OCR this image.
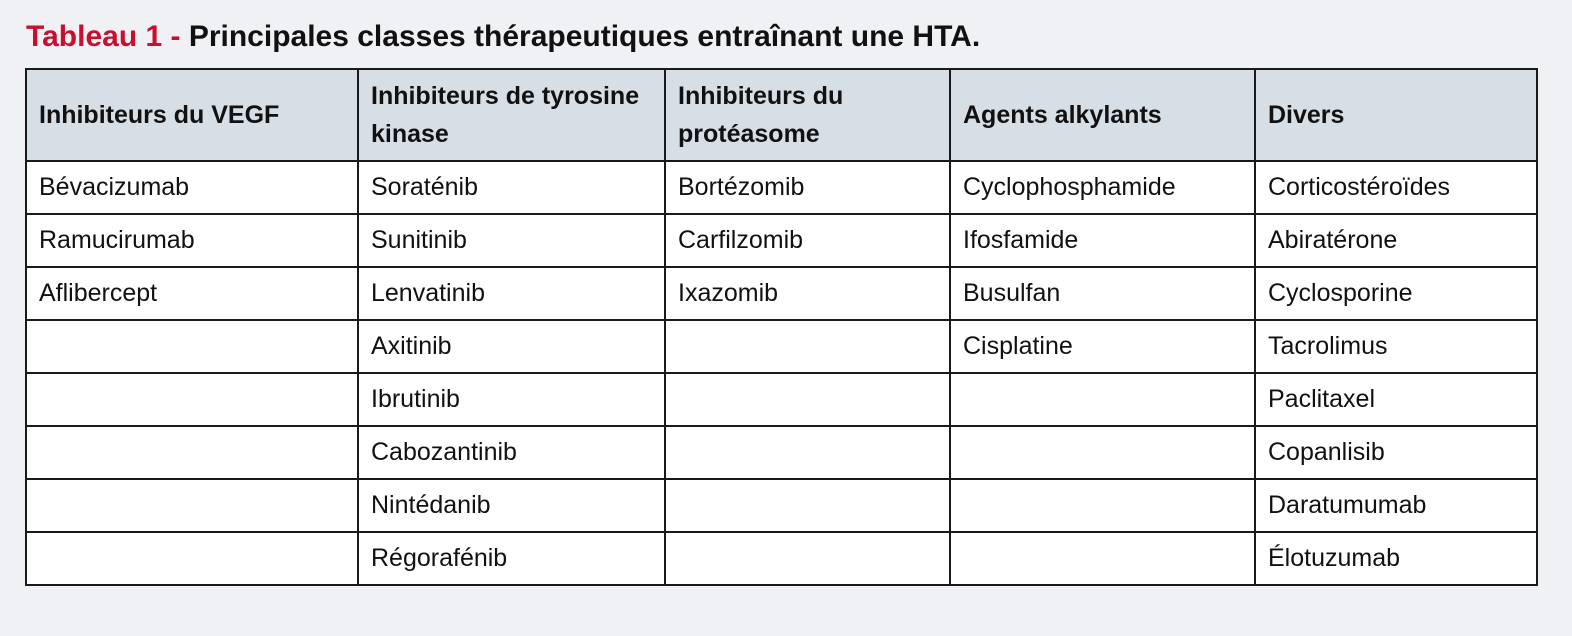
Tableau 1 - Principales classes thérapeutiques entraînant une HTA.
Inhibiteurs du VEGF	Inhibiteurs de tyrosine kinase	Inhibiteurs du protéasome	Agents alkylants	Divers
Bévacizumab	Soraténib	Bortézomib	Cyclophosphamide	Corticostéroïdes
Ramucirumab	Sunitinib	Carfilzomib	Ifosfamide	Abiratérone
Aflibercept	Lenvatinib	Ixazomib	Busulfan	Cyclosporine
	Axitinib		Cisplatine	Tacrolimus
	Ibrutinib			Paclitaxel
	Cabozantinib			Copanlisib
	Nintédanib			Daratumumab
	Régorafénib			Élotuzumab
